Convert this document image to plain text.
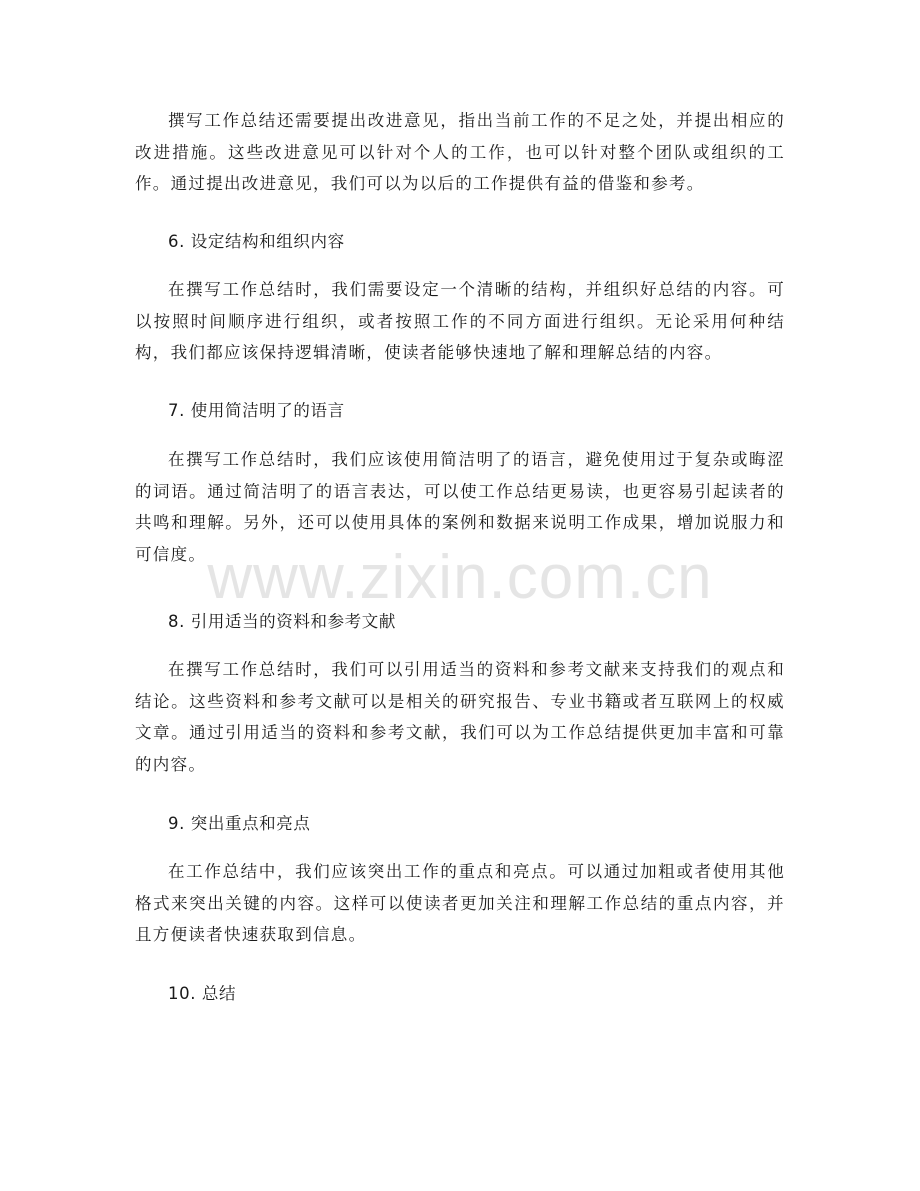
撰写工作总结还需要提出改进意见，指出当前工作的不足之处，并提出相应的改进措施。这些改进意见可以针对个人的工作，也可以针对整个团队或组织的工作。通过提出改进意见，我们可以为以后的工作提供有益的借鉴和参考。
6. 设定结构和组织内容
在撰写工作总结时，我们需要设定一个清晰的结构，并组织好总结的内容。可以按照时间顺序进行组织，或者按照工作的不同方面进行组织。无论采用何种结构，我们都应该保持逻辑清晰，使读者能够快速地了解和理解总结的内容。
7. 使用简洁明了的语言
在撰写工作总结时，我们应该使用简洁明了的语言，避免使用过于复杂或晦涩的词语。通过简洁明了的语言表达，可以使工作总结更易读，也更容易引起读者的共鸣和理解。另外，还可以使用具体的案例和数据来说明工作成果，增加说服力和可信度。
8. 引用适当的资料和参考文献
在撰写工作总结时，我们可以引用适当的资料和参考文献来支持我们的观点和结论。这些资料和参考文献可以是相关的研究报告、专业书籍或者互联网上的权威文章。通过引用适当的资料和参考文献，我们可以为工作总结提供更加丰富和可靠的内容。
9. 突出重点和亮点
在工作总结中，我们应该突出工作的重点和亮点。可以通过加粗或者使用其他格式来突出关键的内容。这样可以使读者更加关注和理解工作总结的重点内容，并且方便读者快速获取到信息。
10. 总结
www.zixin.com.cn
